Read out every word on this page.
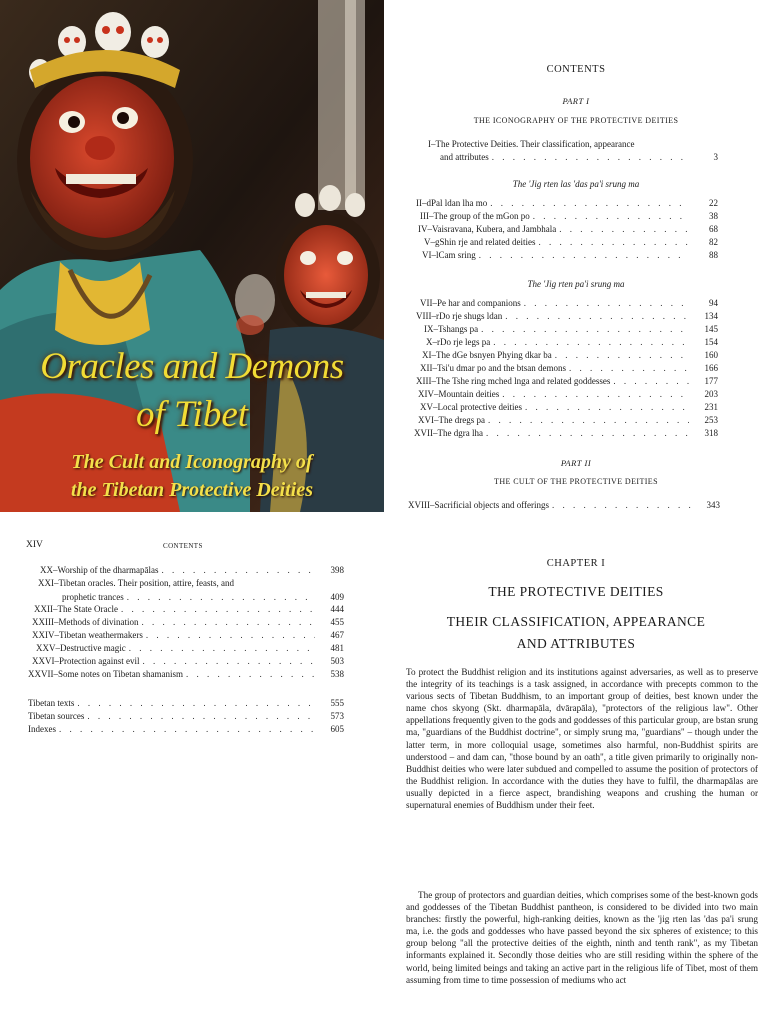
Oracles and Demons
of Tibet

The Cult and Iconography of

the Tibetan Protective Deities

CONTENTS
PART I
THE ICONOGRAPHY OF THE PROTECTIVE DEITIES
I–The Protective Deities. Their classification, appearance
and attributes . . .	3
The 'Jig rten las 'das pa'i srung ma
II–dPal ldan lha mo . . .	22
III–The group of the mGon po . . .	38
IV–Vaisravana, Kubera, and Jambhala . . .	68
V–gShin rje and related deities . . .	82
VI–lCam sring . . .	88
The 'Jig rten pa'i srung ma
VII–Pe har and companions . . .	94
VIII–rDo rje shugs ldan . . .	134
IX–Tshangs pa . . .	145
X–rDo rje legs pa . . .	154
XI–The dGe bsnyen Phying dkar ba . . .	160
XII–Tsi'u dmar po and the btsan demons . . .	166
XIII–The Tshe ring mched lnga and related goddesses . . .	177
XIV–Mountain deities . . .	203
XV–Local protective deities . . .	231
XVI–The dregs pa . . .	253
XVII–The dgra lha . . .	318
PART II
THE CULT OF THE PROTECTIVE DEITIES
XVIII–Sacrificial objects and offerings . . .	343
XIV	CONTENTS
XX–Worship of the dharmapālas . . .	398
XXI–Tibetan oracles. Their position, attire, feasts, and
prophetic trances . . .	409
XXII–The State Oracle . . .	444
XXIII–Methods of divination . . .	455
XXIV–Tibetan weathermakers . . .	467
XXV–Destructive magic . . .	481
XXVI–Protection against evil . . .	503
XXVII–Some notes on Tibetan shamanism . . .	538
Tibetan texts . . .	555
Tibetan sources . . .	573
Indexes . . .	605
CHAPTER I
THE PROTECTIVE DEITIES
THEIR CLASSIFICATION, APPEARANCE
AND ATTRIBUTES

To protect the Buddhist religion and its institutions against adversaries, as well as to preserve the integrity of its teachings is a task assigned, in accordance with precepts common to the various sects of Tibetan Buddhism, to an important group of deities, best known under the name chos skyong (Skt. dharmapāla, dvārapāla), "protectors of the religious law". Other appellations frequently given to the gods and goddesses of this particular group, are bstan srung ma, "guardians of the Buddhist doctrine", or simply srung ma, "guardians" – though under the latter term, in more colloquial usage, sometimes also harmful, non-Buddhist spirits are understood – and dam can, "those bound by an oath", a title given primarily to originally non-Buddhist deities who were later subdued and compelled to assume the position of protectors of the Buddhist religion. In accordance with the duties they have to fulfil, the dharmapālas are usually depicted in a fierce aspect, brandishing weapons and crushing the human or supernatural enemies of Buddhism under their feet.

The group of protectors and guardian deities, which comprises some of the best-known gods and goddesses of the Tibetan Buddhist pantheon, is considered to be divided into two main branches: firstly the powerful, high-ranking deities, known as the 'jig rten las 'das pa'i srung ma, i.e. the gods and goddesses who have passed beyond the six spheres of existence; to this group belong "all the protective deities of the eighth, ninth and tenth rank", as my Tibetan informants explained it. Secondly those deities who are still residing within the sphere of the world, being limited beings and taking an active part in the religious life of Tibet, most of them assuming from time to time possession of mediums who act
